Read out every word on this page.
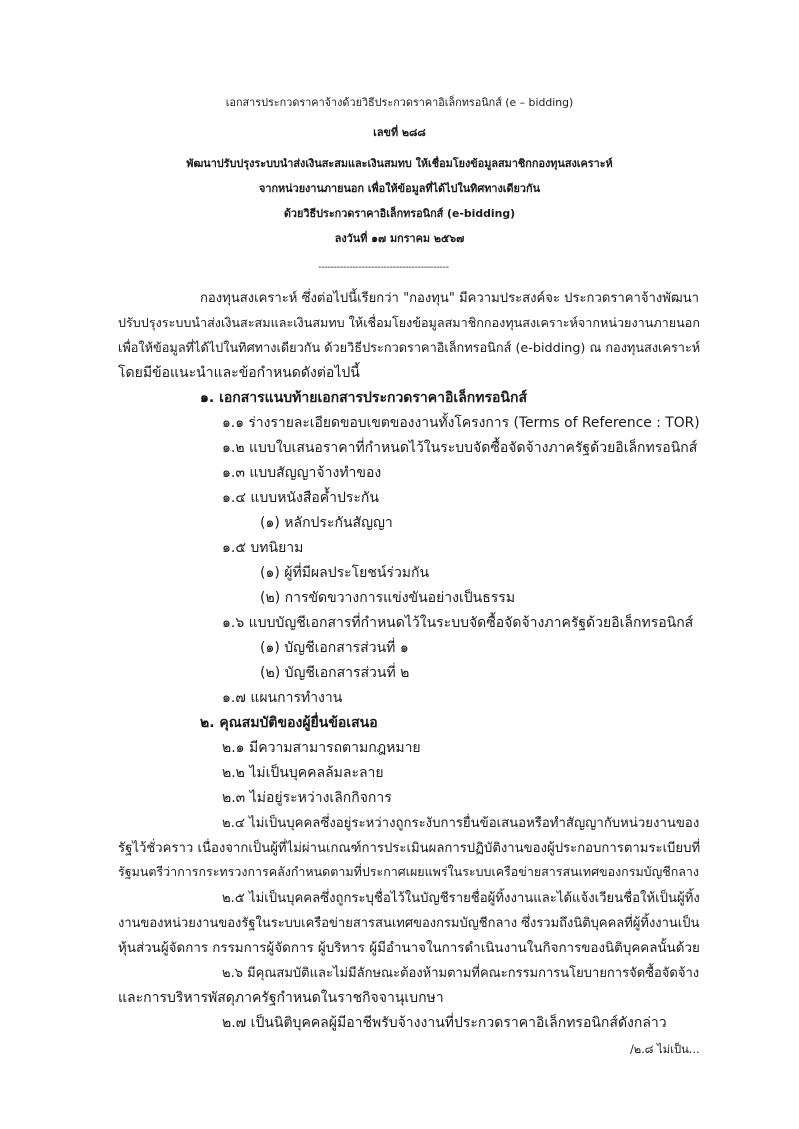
เอกสารประกวดราคาจ้างด้วยวิธีประกวดราคาอิเล็กทรอนิกส์ (e – bidding)
เลขที่ ๒๘๘
พัฒนาปรับปรุงระบบนำส่งเงินสะสมและเงินสมทบ ให้เชื่อมโยงข้อมูลสมาชิกกองทุนสงเคราะห์
จากหน่วยงานภายนอก เพื่อให้ข้อมูลที่ได้ไปในทิศทางเดียวกัน
ด้วยวิธีประกวดราคาอิเล็กทรอนิกส์ (e-bidding)
ลงวันที่ ๑๗ มกราคม ๒๕๖๗
------------------------------------------
กองทุนสงเคราะห์ ซึ่งต่อไปนี้เรียกว่า "กองทุน" มีความประสงค์จะ ประกวดราคาจ้างพัฒนา
ปรับปรุงระบบนำส่งเงินสะสมและเงินสมทบ ให้เชื่อมโยงข้อมูลสมาชิกกองทุนสงเคราะห์จากหน่วยงานภายนอก
เพื่อให้ข้อมูลที่ได้ไปในทิศทางเดียวกัน ด้วยวิธีประกวดราคาอิเล็กทรอนิกส์ (e-bidding) ณ กองทุนสงเคราะห์
โดยมีข้อแนะนำและข้อกำหนดดังต่อไปนี้
๑. เอกสารแนบท้ายเอกสารประกวดราคาอิเล็กทรอนิกส์
๑.๑ ร่างรายละเอียดขอบเขตของงานทั้งโครงการ (Terms of Reference : TOR)
๑.๒ แบบใบเสนอราคาที่กำหนดไว้ในระบบจัดซื้อจัดจ้างภาครัฐด้วยอิเล็กทรอนิกส์
๑.๓ แบบสัญญาจ้างทำของ
๑.๔ แบบหนังสือค้ำประกัน
(๑) หลักประกันสัญญา
๑.๕ บทนิยาม
(๑) ผู้ที่มีผลประโยชน์ร่วมกัน
(๒) การขัดขวางการแข่งขันอย่างเป็นธรรม
๑.๖ แบบบัญชีเอกสารที่กำหนดไว้ในระบบจัดซื้อจัดจ้างภาครัฐด้วยอิเล็กทรอนิกส์
(๑) บัญชีเอกสารส่วนที่ ๑
(๒) บัญชีเอกสารส่วนที่ ๒
๑.๗ แผนการทำงาน
๒. คุณสมบัติของผู้ยื่นข้อเสนอ
๒.๑ มีความสามารถตามกฎหมาย
๒.๒ ไม่เป็นบุคคลล้มละลาย
๒.๓ ไม่อยู่ระหว่างเลิกกิจการ
๒.๔ ไม่เป็นบุคคลซึ่งอยู่ระหว่างถูกระงับการยื่นข้อเสนอหรือทำสัญญากับหน่วยงานของ
รัฐไว้ชั่วคราว เนื่องจากเป็นผู้ที่ไม่ผ่านเกณฑ์การประเมินผลการปฏิบัติงานของผู้ประกอบการตามระเบียบที่
รัฐมนตรีว่าการกระทรวงการคลังกำหนดตามที่ประกาศเผยแพร่ในระบบเครือข่ายสารสนเทศของกรมบัญชีกลาง
๒.๕ ไม่เป็นบุคคลซึ่งถูกระบุชื่อไว้ในบัญชีรายชื่อผู้ทิ้งงานและได้แจ้งเวียนชื่อให้เป็นผู้ทิ้ง
งานของหน่วยงานของรัฐในระบบเครือข่ายสารสนเทศของกรมบัญชีกลาง ซึ่งรวมถึงนิติบุคคลที่ผู้ทิ้งงานเป็น
หุ้นส่วนผู้จัดการ กรรมการผู้จัดการ ผู้บริหาร ผู้มีอำนาจในการดำเนินงานในกิจการของนิติบุคคลนั้นด้วย
๒.๖ มีคุณสมบัติและไม่มีลักษณะต้องห้ามตามที่คณะกรรมการนโยบายการจัดซื้อจัดจ้าง
และการบริหารพัสดุภาครัฐกำหนดในราชกิจจานุเบกษา
๒.๗ เป็นนิติบุคคลผู้มีอาชีพรับจ้างงานที่ประกวดราคาอิเล็กทรอนิกส์ดังกล่าว
/๒.๘ ไม่เป็น...
